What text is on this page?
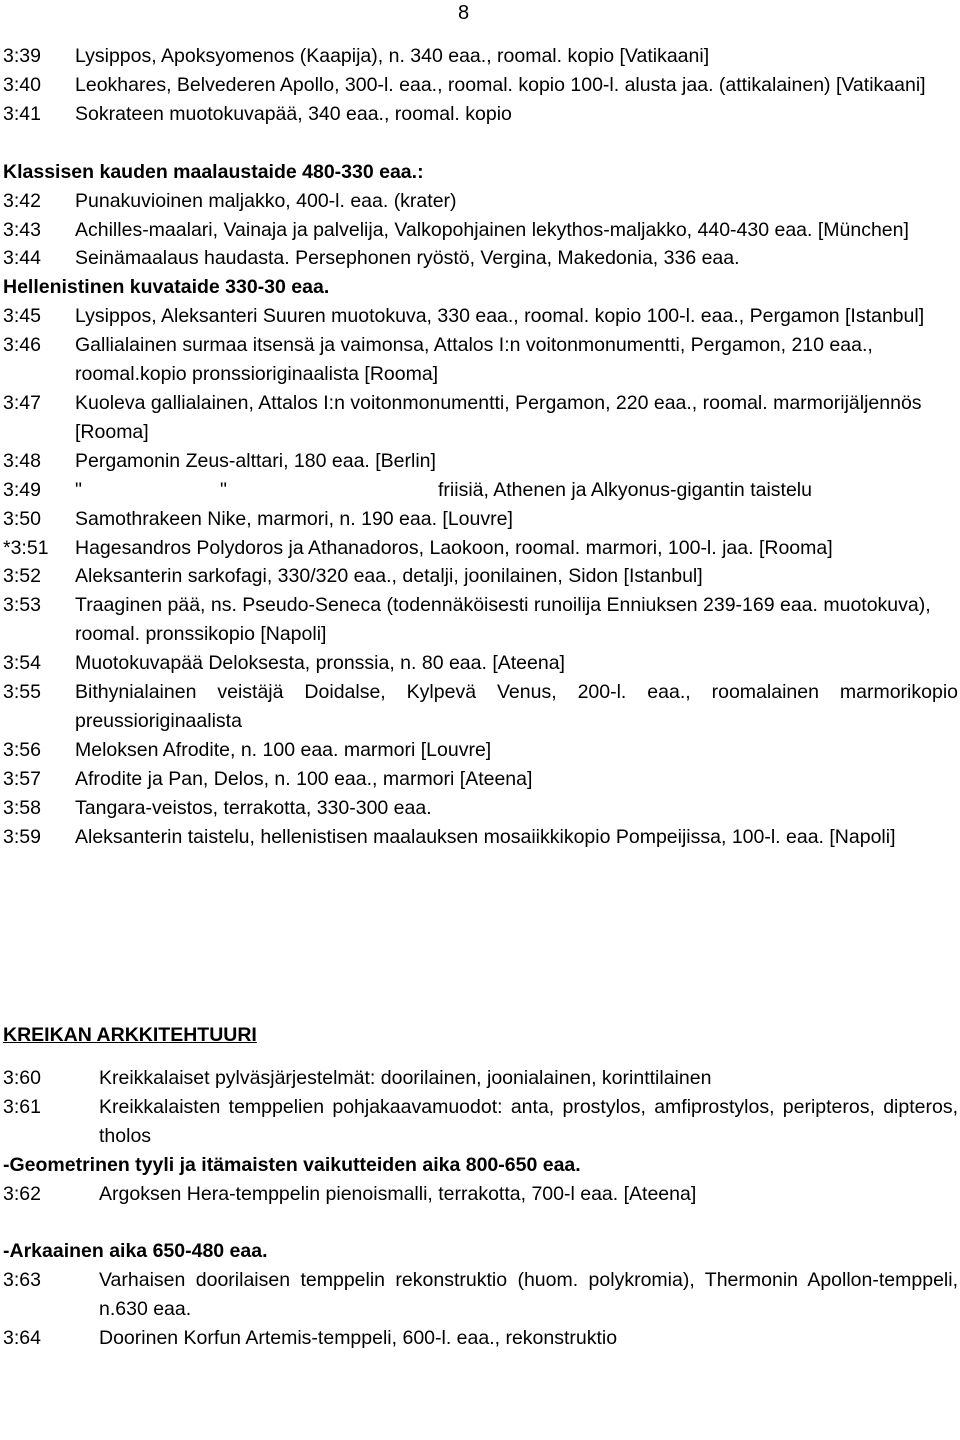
8
3:39	Lysippos, Apoksyomenos (Kaapija), n. 340 eaa., roomal. kopio [Vatikaani]
3:40	Leokhares, Belvederen Apollo, 300-l. eaa., roomal. kopio 100-l. alusta jaa. (attikalainen) [Vatikaani]
3:41	Sokrateen muotokuvapää, 340 eaa., roomal. kopio
Klassisen kauden maalaustaide 480-330 eaa.:
3:42	Punakuvioinen maljakko, 400-l. eaa. (krater)
3:43	Achilles-maalari, Vainaja ja palvelija, Valkopohjainen lekythos-maljakko, 440-430 eaa. [München]
3:44	Seinämaalaus haudasta. Persephonen ryöstö, Vergina, Makedonia, 336 eaa.
Hellenistinen kuvataide 330-30 eaa.
3:45	Lysippos, Aleksanteri Suuren muotokuva, 330 eaa., roomal. kopio 100-l. eaa., Pergamon [Istanbul]
3:46	Gallialainen surmaa itsensä ja vaimonsa, Attalos I:n voitonmonumentti, Pergamon, 210 eaa., roomal.kopio pronssioriginaalista [Rooma]
3:47	Kuoleva gallialainen, Attalos I:n voitonmonumentti, Pergamon, 220 eaa., roomal. marmorijäljennös [Rooma]
3:48	Pergamonin Zeus-alttari, 180 eaa. [Berlin]
3:49	"	"	friisiä, Athenen ja Alkyonus-gigantin taistelu
3:50	Samothrakeen Nike, marmori, n. 190 eaa. [Louvre]
*3:51	Hagesandros Polydoros ja Athanadoros, Laokoon, roomal. marmori, 100-l. jaa. [Rooma]
3:52	Aleksanterin sarkofagi, 330/320 eaa., detalji, joonilainen, Sidon [Istanbul]
3:53	Traaginen pää, ns. Pseudo-Seneca (todennäköisesti runoilija Enniuksen 239-169 eaa. muotokuva), roomal. pronssikopio [Napoli]
3:54	Muotokuvapää Deloksesta, pronssia, n. 80 eaa. [Ateena]
3:55	Bithynialainen veistäjä Doidalse, Kylpevä Venus, 200-l. eaa., roomalainen marmorikopio preussioriginaalista
3:56	Meloksen Afrodite, n. 100 eaa. marmori [Louvre]
3:57	Afrodite ja Pan, Delos, n. 100 eaa., marmori [Ateena]
3:58	Tangara-veistos, terrakotta, 330-300 eaa.
3:59	Aleksanterin taistelu, hellenistisen maalauksen mosaiikkikopio Pompeijissa, 100-l. eaa. [Napoli]
KREIKAN ARKKITEHTUURI
3:60	Kreikkalaiset pylväsjärjestelmät: doorilainen, joonialainen, korinttilainen
3:61	Kreikkalaisten temppelien pohjakaavamuodot: anta, prostylos, amfiprostylos, peripteros, dipteros, tholos
-Geometrinen tyyli ja itämaisten vaikutteiden aika 800-650 eaa.
3:62	Argoksen Hera-temppelin pienoismalli, terrakotta, 700-l eaa. [Ateena]
-Arkaainen aika 650-480 eaa.
3:63	Varhaisen doorilaisen temppelin rekonstruktio (huom. polykromia), Thermonin Apollon-temppeli, n.630 eaa.
3:64	Doorinen Korfun Artemis-temppeli, 600-l. eaa., rekonstruktio
